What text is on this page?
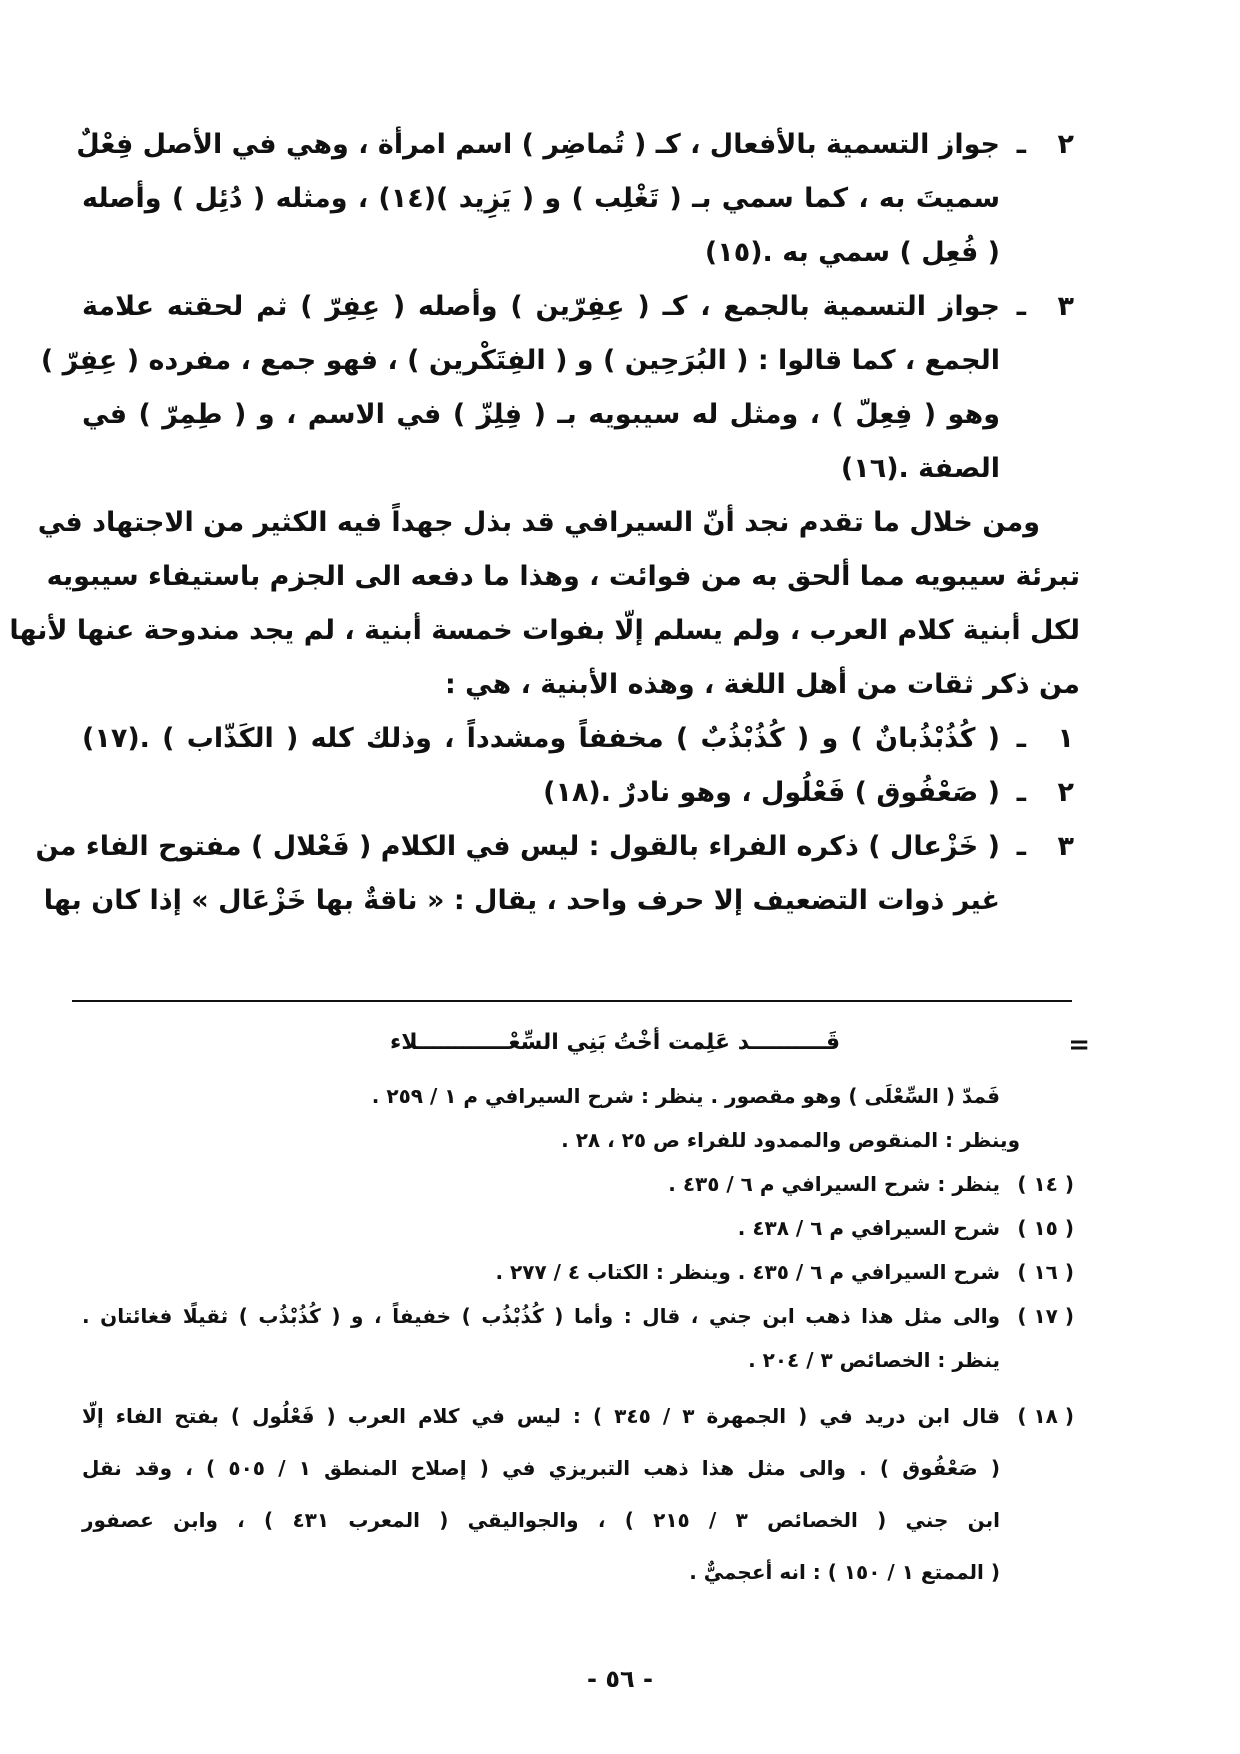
٢
ـ
جواز التسمية بالأفعال ، كـ ( تُماضِر ) اسم امرأة ، وهي في الأصل فِعْلٌ
سميتَ به ، كما سمي بـ ( تَغْلِب ) و ( يَزِيد )(١٤) ، ومثله ( دُئِل ) وأصله
( فُعِل ) سمي به .(١٥)
٣
ـ
جواز التسمية بالجمع ، كـ ( عِفِرّين ) وأصله ( عِفِرّ ) ثم لحقته علامة
الجمع ، كما قالوا : ( البُرَحِين ) و ( الفِتَكْرين ) ، فهو جمع ، مفرده ( عِفِرّ )
وهو ( فِعِلّ ) ، ومثل له سيبويه بـ ( فِلِزّ ) في الاسم ، و ( طِمِرّ ) في
الصفة .(١٦)
ومن خلال ما تقدم نجد أنّ السيرافي قد بذل جهداً فيه الكثير من الاجتهاد في
تبرئة سيبويه مما ألحق به من فوائت ، وهذا ما دفعه الى الجزم باستيفاء سيبويه
لكل أبنية كلام العرب ، ولم يسلم إلّا بفوات خمسة أبنية ، لم يجد مندوحة عنها لأنها
من ذكر ثقات من أهل اللغة ، وهذه الأبنية ، هي :
١
ـ
( كُذُبْذُبانٌ ) و ( كُذُبْذُبٌ ) مخففاً ومشدداً ، وذلك كله ( الكَذّاب ) .(١٧)
٢
ـ
( صَعْفُوق ) فَعْلُول ، وهو نادرٌ .(١٨)
٣
ـ
( خَزْعال ) ذكره الفراء بالقول : ليس في الكلام ( فَعْلال ) مفتوح الفاء من
غير ذوات التضعيف إلا حرف واحد ، يقال : « ناقةٌ بها خَزْعَال » إذا كان بها
=
قَــــــــــد عَلِمت أخْتُ بَنِي السِّعْــــــــــــلاء
فَمدّ ( السِّعْلَى ) وهو مقصور . ينظر : شرح السيرافي م ١ / ٢٥٩ .
وينظر : المنقوص والممدود للفراء ص ٢٥ ، ٢٨ .
( ١٤ )
ينظر : شرح السيرافي م ٦ / ٤٣٥ .
( ١٥ )
شرح السيرافي م ٦ / ٤٣٨ .
( ١٦ )
شرح السيرافي م ٦ / ٤٣٥ . وينظر : الكتاب ٤ / ٢٧٧ .
( ١٧ )
والى مثل هذا ذهب ابن جني ، قال : وأما ( كُذُبْذُب ) خفيفاً ، و ( كُذُبْذُب ) ثقيلًا فغائتان .
ينظر : الخصائص ٣ / ٢٠٤ .
( ١٨ )
قال ابن دريد في ( الجمهرة ٣ / ٣٤٥ ) : ليس في كلام العرب ( فَعْلُول ) بفتح الفاء إلّا
( صَعْفُوق ) . والى مثل هذا ذهب التبريزي في ( إصلاح المنطق ١ / ٥٠٥ ) ، وقد نقل
ابن جني ( الخصائص ٣ / ٢١٥ ) ، والجواليقي ( المعرب ٤٣١ ) ، وابن عصفور
( الممتع ١ / ١٥٠ ) : انه أعجميٌّ .
- ٥٦ -
